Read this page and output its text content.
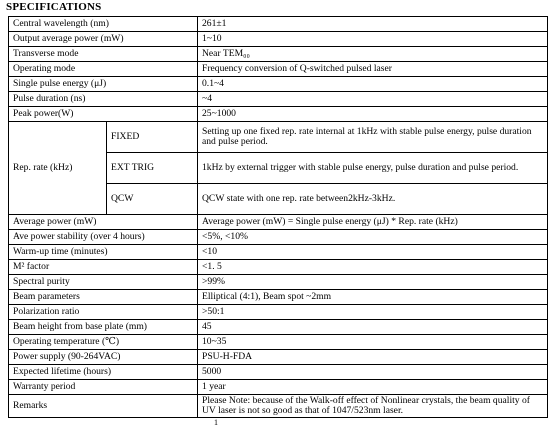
SPECIFICATIONS
Central wavelength (nm)		261±1
Output average power (mW)		1~10
Transverse mode		Near TEM₀₀
Operating mode		Frequency conversion of Q-switched pulsed laser
Single pulse energy (μJ)		0.1~4
Pulse duration (ns)		~4
Peak power(W)		25~1000
Rep. rate (kHz)	FIXED	Setting up one fixed rep. rate internal at 1kHz with stable pulse energy, pulse duration and pulse period.
	EXT TRIG	1kHz by external trigger with stable pulse energy, pulse duration and pulse period.
	QCW	QCW state with one rep. rate between2kHz-3kHz.
Average power (mW)		Average power (mW) = Single pulse energy (μJ) * Rep. rate (kHz)
Ave power stability (over 4 hours)		<5%, <10%
Warm-up time (minutes)		<10
M² factor		<1. 5
Spectral purity		>99%
Beam parameters		Elliptical (4:1), Beam spot ~2mm
Polarization ratio		>50:1
Beam height from base plate (mm)		45
Operating temperature (℃)		10~35
Power supply (90-264VAC)		PSU-H-FDA
Expected lifetime (hours)		5000
Warranty period		1 year
Remarks		Please Note: because of the Walk-off effect of Nonlinear crystals, the beam quality of UV laser is not so good as that of 1047/523nm laser.
1
